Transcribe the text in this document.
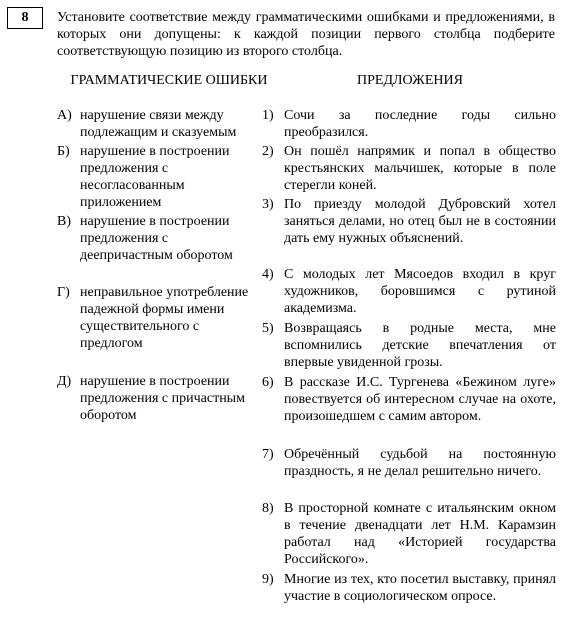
8	Установите соответствие между грамматическими ошибками и предложениями, в которых они допущены: к каждой позиции первого столбца подберите соответствующую позицию из второго столбца.
ГРАММАТИЧЕСКИЕ ОШИБКИ	ПРЕДЛОЖЕНИЯ
А) нарушение связи между подлежащим и сказуемым
Б) нарушение в построении предложения с несогласованным приложением
В) нарушение в построении предложения с деепричастным оборотом
Г) неправильное употребление падежной формы имени существительного с предлогом
Д) нарушение в построении предложения с причастным оборотом
1) Сочи за последние годы сильно преобразился.
2) Он пошёл напрямик и попал в общество крестьянских мальчишек, которые в поле стерегли коней.
3) По приезду молодой Дубровский хотел заняться делами, но отец был не в состоянии дать ему нужных объяснений.
4) С молодых лет Мясоедов входил в круг художников, боровшимся с рутиной академизма.
5) Возвращаясь в родные места, мне вспомнились детские впечатления от впервые увиденной грозы.
6) В рассказе И.С. Тургенева «Бежином луге» повествуется об интересном случае на охоте, произошедшем с самим автором.
7) Обречённый судьбой на постоянную праздность, я не делал решительно ничего.
8) В просторной комнате с итальянским окном в течение двенадцати лет Н.М. Карамзин работал над «Историей государства Российского».
9) Многие из тех, кто посетил выставку, принял участие в социологическом опросе.
